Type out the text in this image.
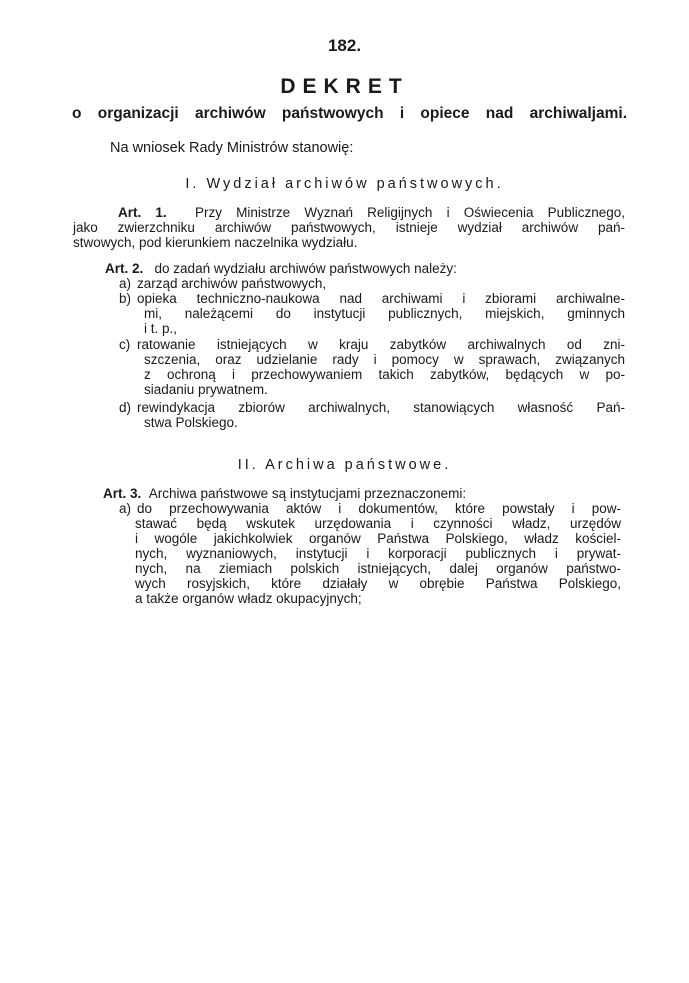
182.
DEKRET
o organizacji archiwów państwowych i opiece nad archiwaljami.
Na wniosek Rady Ministrów stanowię:
I. Wydział archiwów państwowych.
Art. 1. Przy Ministrze Wyznań Religijnych i Oświecenia Publicznego,
jako zwierzchniku archiwów państwowych, istnieje wydział archiwów pań-
stwowych, pod kierunkiem naczelnika wydziału.
Art. 2. do zadań wydziału archiwów państwowych należy:
a) zarząd archiwów państwowych,
b) opieka techniczno-naukowa nad archiwami i zbiorami archiwalne-
mi, należącemi do instytucji publicznych, miejskich, gminnych
i t. p.,
c) ratowanie istniejących w kraju zabytków archiwalnych od zni-
szczenia, oraz udzielanie rady i pomocy w sprawach, związanych
z ochroną i przechowywaniem takich zabytków, będących w po-
siadaniu prywatnem.
d) rewindykacja zbiorów archiwalnych, stanowiących własność Pań-
stwa Polskiego.
II. Archiwa państwowe.
Art. 3. Archiwa państwowe są instytucjami przeznaczonemi:
a) do przechowywania aktów i dokumentów, które powstały i pow-
stawać będą wskutek urzędowania i czynności władz, urzędów
i wogóle jakichkolwiek organów Państwa Polskiego, władz kościel-
nych, wyznaniowych, instytucji i korporacji publicznych i prywat-
nych, na ziemiach polskich istniejących, dalej organów państwo-
wych rosyjskich, które działały w obrębie Państwa Polskiego,
a także organów władz okupacyjnych;
